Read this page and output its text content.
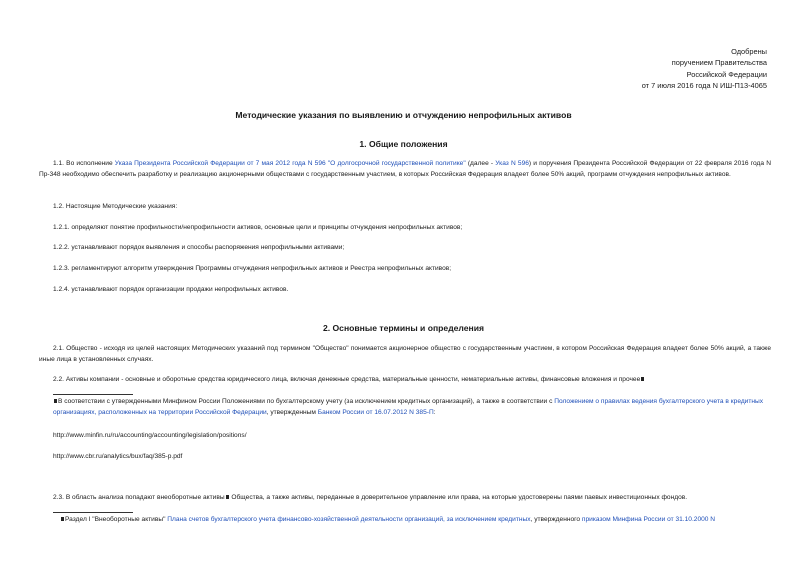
Одобрены
поручением Правительства
Российской Федерации
от 7 июля 2016 года N ИШ-П13-4065
Методические указания по выявлению и отчуждению непрофильных активов
1. Общие положения
1.1. Во исполнение Указа Президента Российской Федерации от 7 мая 2012 года N 596 "О долгосрочной государственной политике" (далее - Указ N 596) и поручения Президента Российской Федерации от 22 февраля 2016 года N Пр-348 необходимо обеспечить разработку и реализацию акционерными обществами с государственным участием, в которых Российская Федерация владеет более 50% акций, программ отчуждения непрофильных активов.
1.2. Настоящие Методические указания:
1.2.1. определяют понятие профильности/непрофильности активов, основные цели и принципы отчуждения непрофильных активов;
1.2.2. устанавливают порядок выявления и способы распоряжения непрофильными активами;
1.2.3. регламентируют алгоритм утверждения Программы отчуждения непрофильных активов и Реестра непрофильных активов;
1.2.4. устанавливают порядок организации продажи непрофильных активов.
2. Основные термины и определения
2.1. Общество - исходя из целей настоящих Методических указаний под термином "Общество" понимается акционерное общество с государственным участием, в котором Российская Федерация владеет более 50% акций, а также иные лица в установленных случаях.
2.2. Активы компании - основные и оборотные средства юридического лица, включая денежные средства, материальные ценности, нематериальные активы, финансовые вложения и прочее
В соответствии с утвержденными Минфином России Положениями по бухгалтерскому учету (за исключением кредитных организаций), а также в соответствии с Положением о правилах ведения бухгалтерского учета в кредитных организациях, расположенных на территории Российской Федерации, утвержденным Банком России от 16.07.2012 N 385-П:
http://www.minfin.ru/ru/accounting/accounting/legislation/positions/
http://www.cbr.ru/analytics/bux/faq/385-p.pdf
2.3. В область анализа попадают внеоборотные активы Общества, а также активы, переданные в доверительное управление или права, на которые удостоверены паями паевых инвестиционных фондов.
Раздел I "Внеоборотные активы" Плана счетов бухгалтерского учета финансово-хозяйственной деятельности организаций, за исключением кредитных, утвержденного приказом Минфина России от 31.10.2000 N
